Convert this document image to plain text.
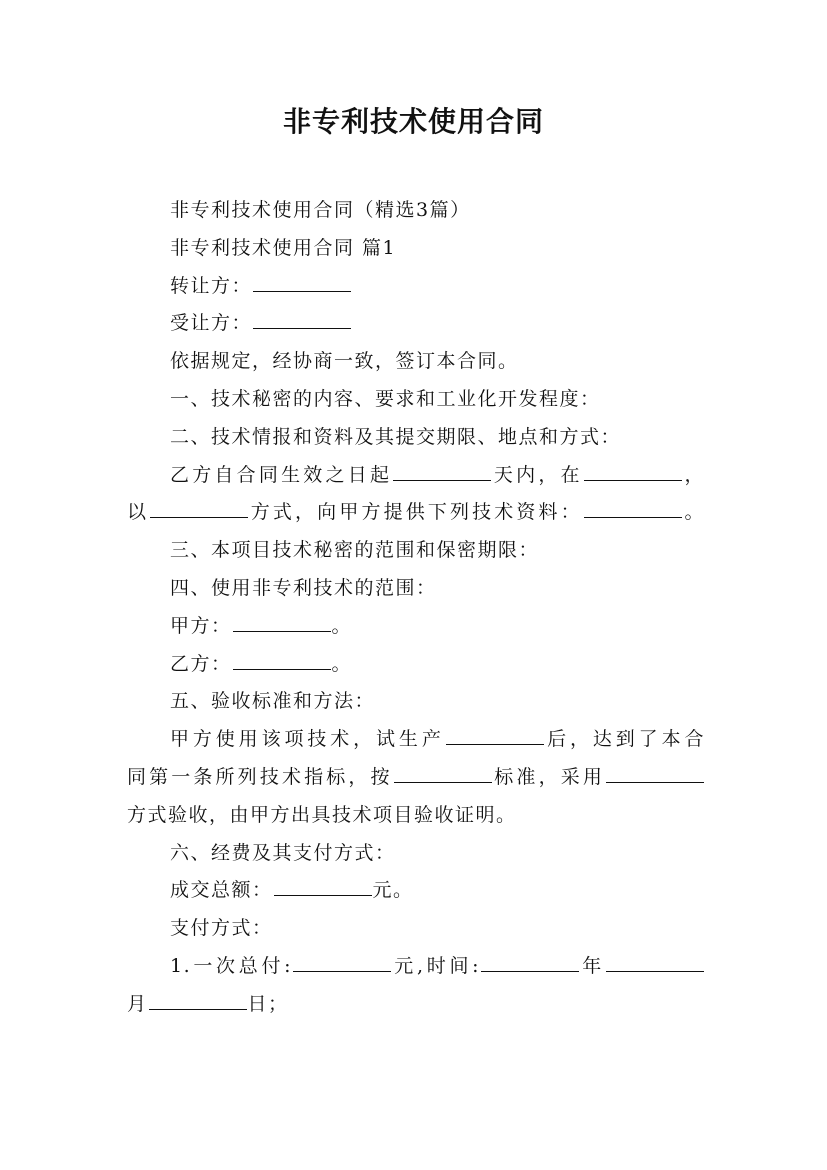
非专利技术使用合同
非专利技术使用合同（精选3篇）
非专利技术使用合同 篇1
转让方：
受让方：
依据规定，经协商一致，签订本合同。
一、技术秘密的内容、要求和工业化开发程度：
二、技术情报和资料及其提交期限、地点和方式：
乙方自合同生效之日起	天内，在	，
以	方式，向甲方提供下列技术资料：	。
三、本项目技术秘密的范围和保密期限：
四、使用非专利技术的范围：
甲方：	。
乙方：	。
五、验收标准和方法：
甲方使用该项技术，试生产	后，达到了本合
同第一条所列技术指标，按	标准，采用
方式验收，由甲方出具技术项目验收证明。
六、经费及其支付方式：
成交总额：	元。
支付方式：
1.一次总付:	元,时间:	年
月	日；
